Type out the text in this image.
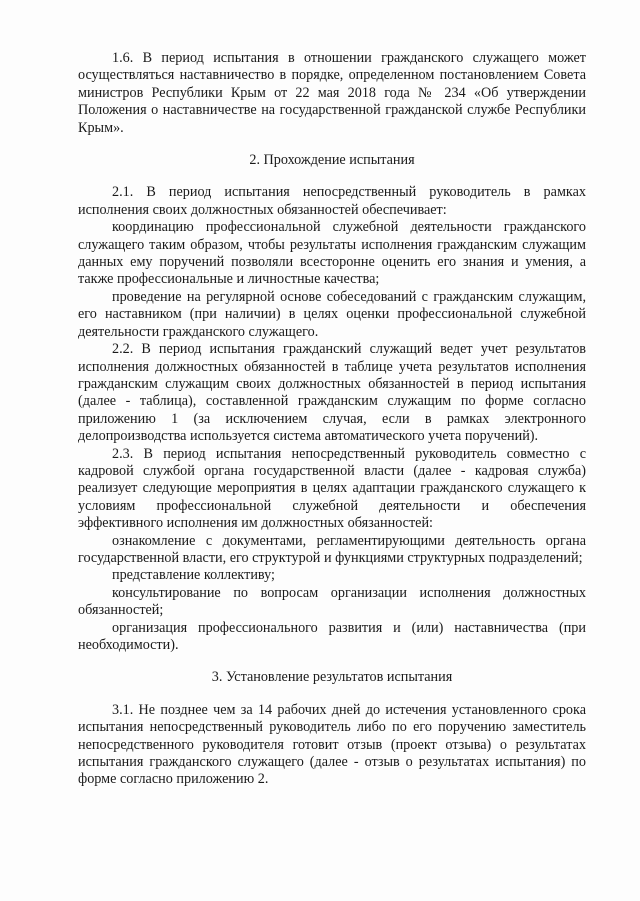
1.6. В период испытания в отношении гражданского служащего может осуществляться наставничество в порядке, определенном постановлением Совета министров Республики Крым от 22 мая 2018 года № 234 «Об утверждении Положения о наставничестве на государственной гражданской службе Республики Крым».

2. Прохождение испытания

2.1. В период испытания непосредственный руководитель в рамках исполнения своих должностных обязанностей обеспечивает:

координацию профессиональной служебной деятельности гражданского служащего таким образом, чтобы результаты исполнения гражданским служащим данных ему поручений позволяли всесторонне оценить его знания и умения, а также профессиональные и личностные качества;

проведение на регулярной основе собеседований с гражданским служащим, его наставником (при наличии) в целях оценки профессиональной служебной деятельности гражданского служащего.

2.2. В период испытания гражданский служащий ведет учет результатов исполнения должностных обязанностей в таблице учета результатов исполнения гражданским служащим своих должностных обязанностей в период испытания (далее - таблица), составленной гражданским служащим по форме согласно приложению 1 (за исключением случая, если в рамках электронного делопроизводства используется система автоматического учета поручений).

2.3. В период испытания непосредственный руководитель совместно с кадровой службой органа государственной власти (далее - кадровая служба) реализует следующие мероприятия в целях адаптации гражданского служащего к условиям профессиональной служебной деятельности и обеспечения эффективного исполнения им должностных обязанностей:

ознакомление с документами, регламентирующими деятельность органа государственной власти, его структурой и функциями структурных подразделений;

представление коллективу;

консультирование по вопросам организации исполнения должностных обязанностей;

организация профессионального развития и (или) наставничества (при необходимости).

3. Установление результатов испытания

3.1. Не позднее чем за 14 рабочих дней до истечения установленного срока испытания непосредственный руководитель либо по его поручению заместитель непосредственного руководителя готовит отзыв (проект отзыва) о результатах испытания гражданского служащего (далее - отзыв о результатах испытания) по форме согласно приложению 2.
